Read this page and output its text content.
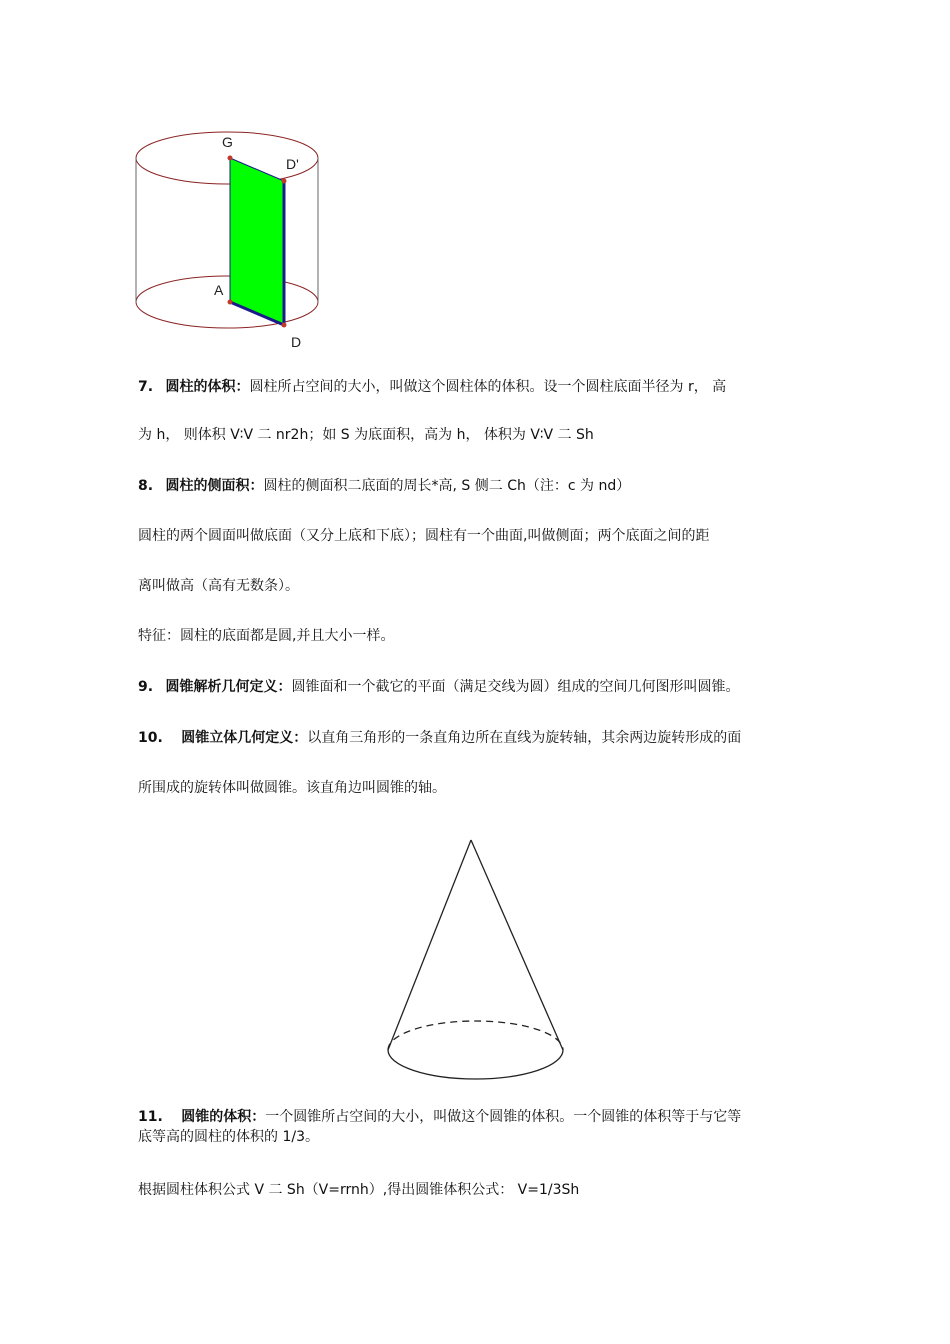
G
D'
A
D
7. 圆柱的体积：圆柱所占空间的大小，叫做这个圆柱体的体积。设一个圆柱底面半径为 r， 高
为 h， 则体积 V∶V 二 nr2h；如 S 为底面积，高为 h， 体积为 V∶V 二 Sh
8. 圆柱的侧面积：圆柱的侧面积二底面的周长*高, S 侧二 Ch（注：c 为 nd）
圆柱的两个圆面叫做底面（又分上底和下底）；圆柱有一个曲面,叫做侧面；两个底面之间的距
离叫做高（高有无数条）。
特征：圆柱的底面都是圆,并且大小一样。
9. 圆锥解析几何定义：圆锥面和一个截它的平面（满足交线为圆）组成的空间几何图形叫圆锥。
10. 圆锥立体几何定义：以直角三角形的一条直角边所在直线为旋转轴，其余两边旋转形成的面
所围成的旋转体叫做圆锥。该直角边叫圆锥的轴。
11. 圆锥的体积：一个圆锥所占空间的大小，叫做这个圆锥的体积。一个圆锥的体积等于与它等
底等高的圆柱的体积的 1/3。
根据圆柱体积公式 V 二 Sh（V=rrnh）,得出圆锥体积公式： V=1/3Sh
